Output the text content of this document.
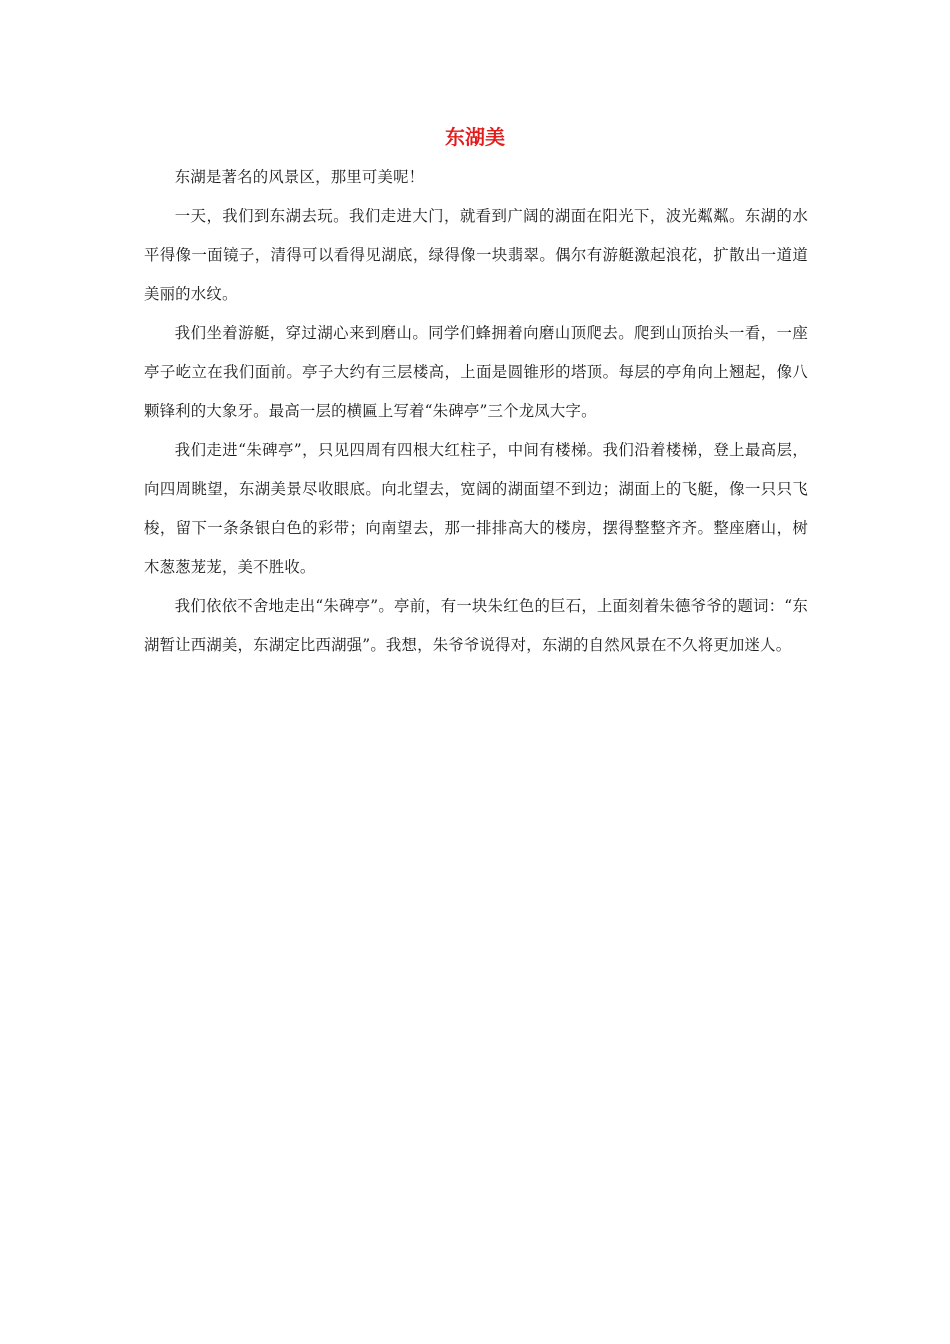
东湖美

东湖是著名的风景区，那里可美呢！

一天，我们到东湖去玩。我们走进大门，就看到广阔的湖面在阳光下，波光粼粼。东湖的水平得像一面镜子，清得可以看得见湖底，绿得像一块翡翠。偶尔有游艇激起浪花，扩散出一道道美丽的水纹。

我们坐着游艇，穿过湖心来到磨山。同学们蜂拥着向磨山顶爬去。爬到山顶抬头一看，一座亭子屹立在我们面前。亭子大约有三层楼高，上面是圆锥形的塔顶。每层的亭角向上翘起，像八颗锋利的大象牙。最高一层的横匾上写着“朱碑亭”三个龙凤大字。

我们走进“朱碑亭”，只见四周有四根大红柱子，中间有楼梯。我们沿着楼梯，登上最高层，向四周眺望，东湖美景尽收眼底。向北望去，宽阔的湖面望不到边；湖面上的飞艇，像一只只飞梭，留下一条条银白色的彩带；向南望去，那一排排高大的楼房，摆得整整齐齐。整座磨山，树木葱葱茏茏，美不胜收。

我们依依不舍地走出“朱碑亭”。亭前，有一块朱红色的巨石，上面刻着朱德爷爷的题词：“东湖暂让西湖美，东湖定比西湖强”。我想，朱爷爷说得对，东湖的自然风景在不久将更加迷人。
